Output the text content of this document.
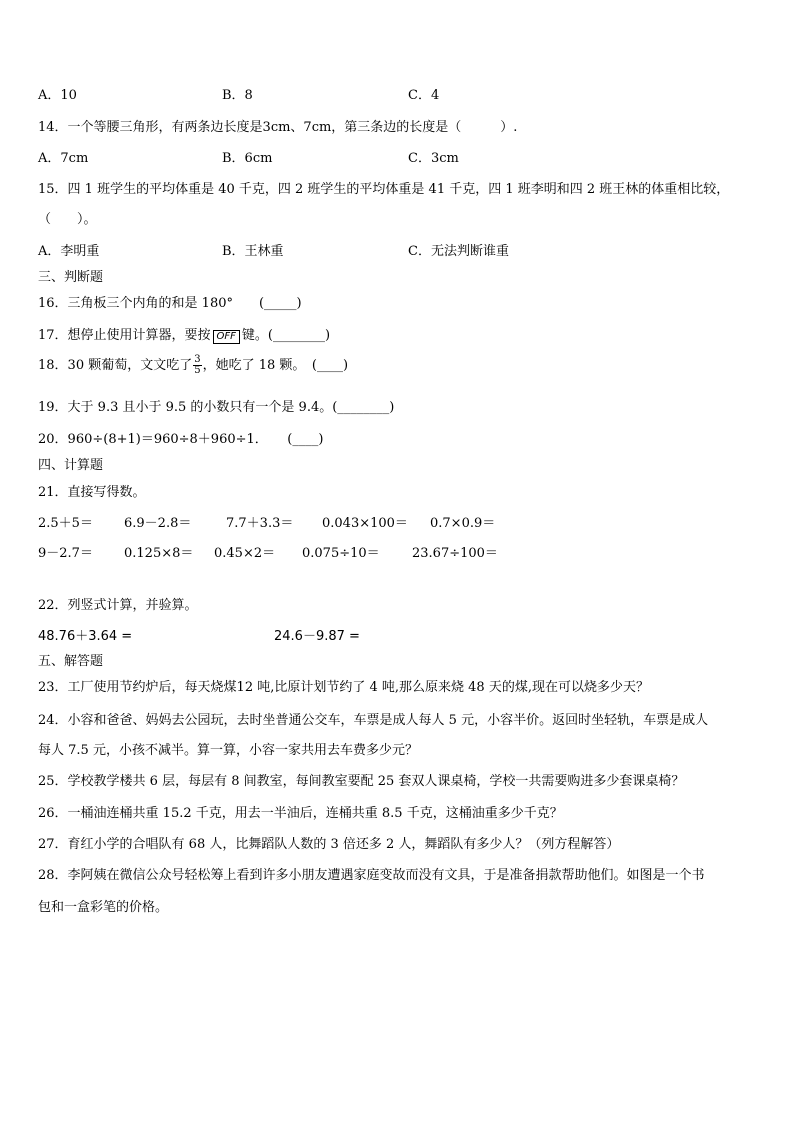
A．10	B．8	C．4
14．一个等腰三角形，有两条边长度是3cm、7cm，第三条边的长度是（　　　）.
A．7cm	B．6cm	C．3cm
15．四 1 班学生的平均体重是 40 千克，四 2 班学生的平均体重是 41 千克，四 1 班李明和四 2 班王林的体重相比较，
（　　）。
A．李明重	B．王林重	C．无法判断谁重
三、判断题
16．三角板三个内角的和是 180°　　(_____)
17．想停止使用计算器，要按 OFF 键。(________)
18．30 颗葡萄，文文吃了 $\frac{3}{5}$ ，她吃了 18 颗。　(____)
19．大于 9.3 且小于 9.5 的小数只有一个是 9.4。(________)
20．960÷(8+1)＝960÷8＋960÷1．　　(____)
四、计算题
21．直接写得数。
2.5＋5＝ 6.9－2.8＝	7.7＋3.3＝ 0.043×100＝ 0.7×0.9＝
9－2.7＝ 0.125×8＝ 0.45×2＝ 0.075÷10＝ 23.67÷100＝
22．列竖式计算，并验算。
48.76＋3.64 =	24.6－9.87 =
五、解答题
23．工厂使用节约炉后，每天烧煤12 吨,比原计划节约了 4 吨,那么原来烧 48 天的煤,现在可以烧多少天？
24．小容和爸爸、妈妈去公园玩，去时坐普通公交车，车票是成人每人 5 元，小容半价。返回时坐轻轨，车票是成人
每人 7.5 元，小孩不减半。算一算，小容一家共用去车费多少元？
25．学校教学楼共 6 层，每层有 8 间教室，每间教室要配 25 套双人课桌椅，学校一共需要购进多少套课桌椅？
26．一桶油连桶共重 15.2 千克，用去一半油后，连桶共重 8.5 千克，这桶油重多少千克？
27．育红小学的合唱队有 68 人，比舞蹈队人数的 3 倍还多 2 人，舞蹈队有多少人？（列方程解答）
28．李阿姨在微信公众号轻松筹上看到许多小朋友遭遇家庭变故而没有文具，于是准备捐款帮助他们。如图是一个书
包和一盒彩笔的价格。
